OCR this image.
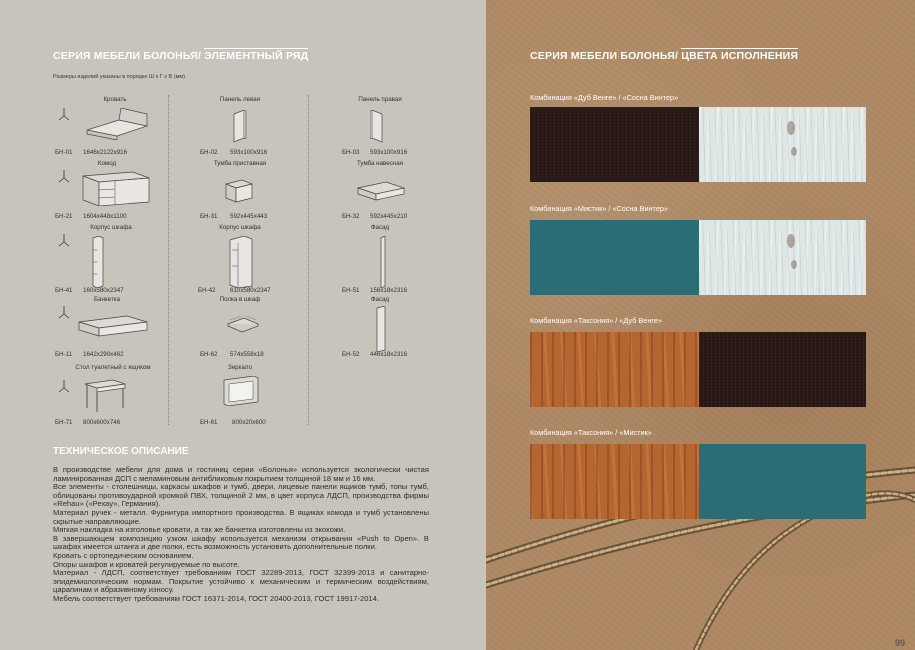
СЕРИЯ МЕБЕЛИ БОЛОНЬЯ/ ЭЛЕМЕНТНЫЙ РЯД
Размеры изделий указаны в порядке Ш х Г х В (мм)
Кровать
БН-01 1646x2122x916
Панель левая
БН-02 593x100x916
Панель правая
БН-03 593x100x916
Комод
БН-21 1604x448x1100
Тумба приставная
БН-31 592x445x443
Тумба навесная
БН-32 592x445x210
Корпус шкафа
БН-41 160x580x2347
Корпус шкафа
БН-42 610x580x2347
Фасад
БН-51 156x18x2316
Банкетка
БН-11 1642x290x462
Полка в шкаф
БН-62 574x558x18
Фасад
БН-52 446x18x2316
Стол туалетный с ящиком
БН-71 800x600x746
Зеркало
БН-61 800x20x600
ТЕХНИЧЕСКОЕ ОПИСАНИЕ

В производстве мебели для дома и гостиниц серии «Болонья» используется экологически чистая ламинированная ДСП с меламиновым антибликовым покрытием толщиной 18 мм и 16 мм.

Все элементы - столешницы, каркасы шкафов и тумб, двери, лицевые панели ящиков тумб, топы тумб, облицованы противоударной кромкой ПВХ, толщиной 2 мм, в цвет корпуса ЛДСП, производства фирмы «Rehau» («Рехау», Германия).

Материал ручек - металл. Фурнитура импортного производства. В ящиках комода и тумб установлены скрытые направляющие.

Мягкая накладка на изголовье кровати, а так же банкетка изготовлены из экокожи.

В завершающем композицию узком шкафу используется механизм открывания «Push to Open». В шкафах имеется штанга и две полки, есть возможность установить дополнительные полки.

Кровать с ортопедическим основанием.

Опоры шкафов и кроватей регулируемые по высоте.

Материал - ЛДСП, соответствует требованиям ГОСТ 32289-2013, ГОСТ 32399-2013 и санитарно-эпидемиологическим нормам. Покрытие устойчиво к механическим и термическим воздействиям, царапинам и абразивному износу.

Мебель соответствует требованиям ГОСТ 16371-2014, ГОСТ 20400-2013, ГОСТ 19917-2014.

СЕРИЯ МЕБЕЛИ БОЛОНЬЯ/ ЦВЕТА ИСПОЛНЕНИЯ
Комбинация «Дуб Венге» / «Сосна Винтер»
Комбинация «Мистик» / «Сосна Винтер»
Комбинация «Таксония» / «Дуб Венге»
Комбинация «Таксония» / «Мистик»
99
